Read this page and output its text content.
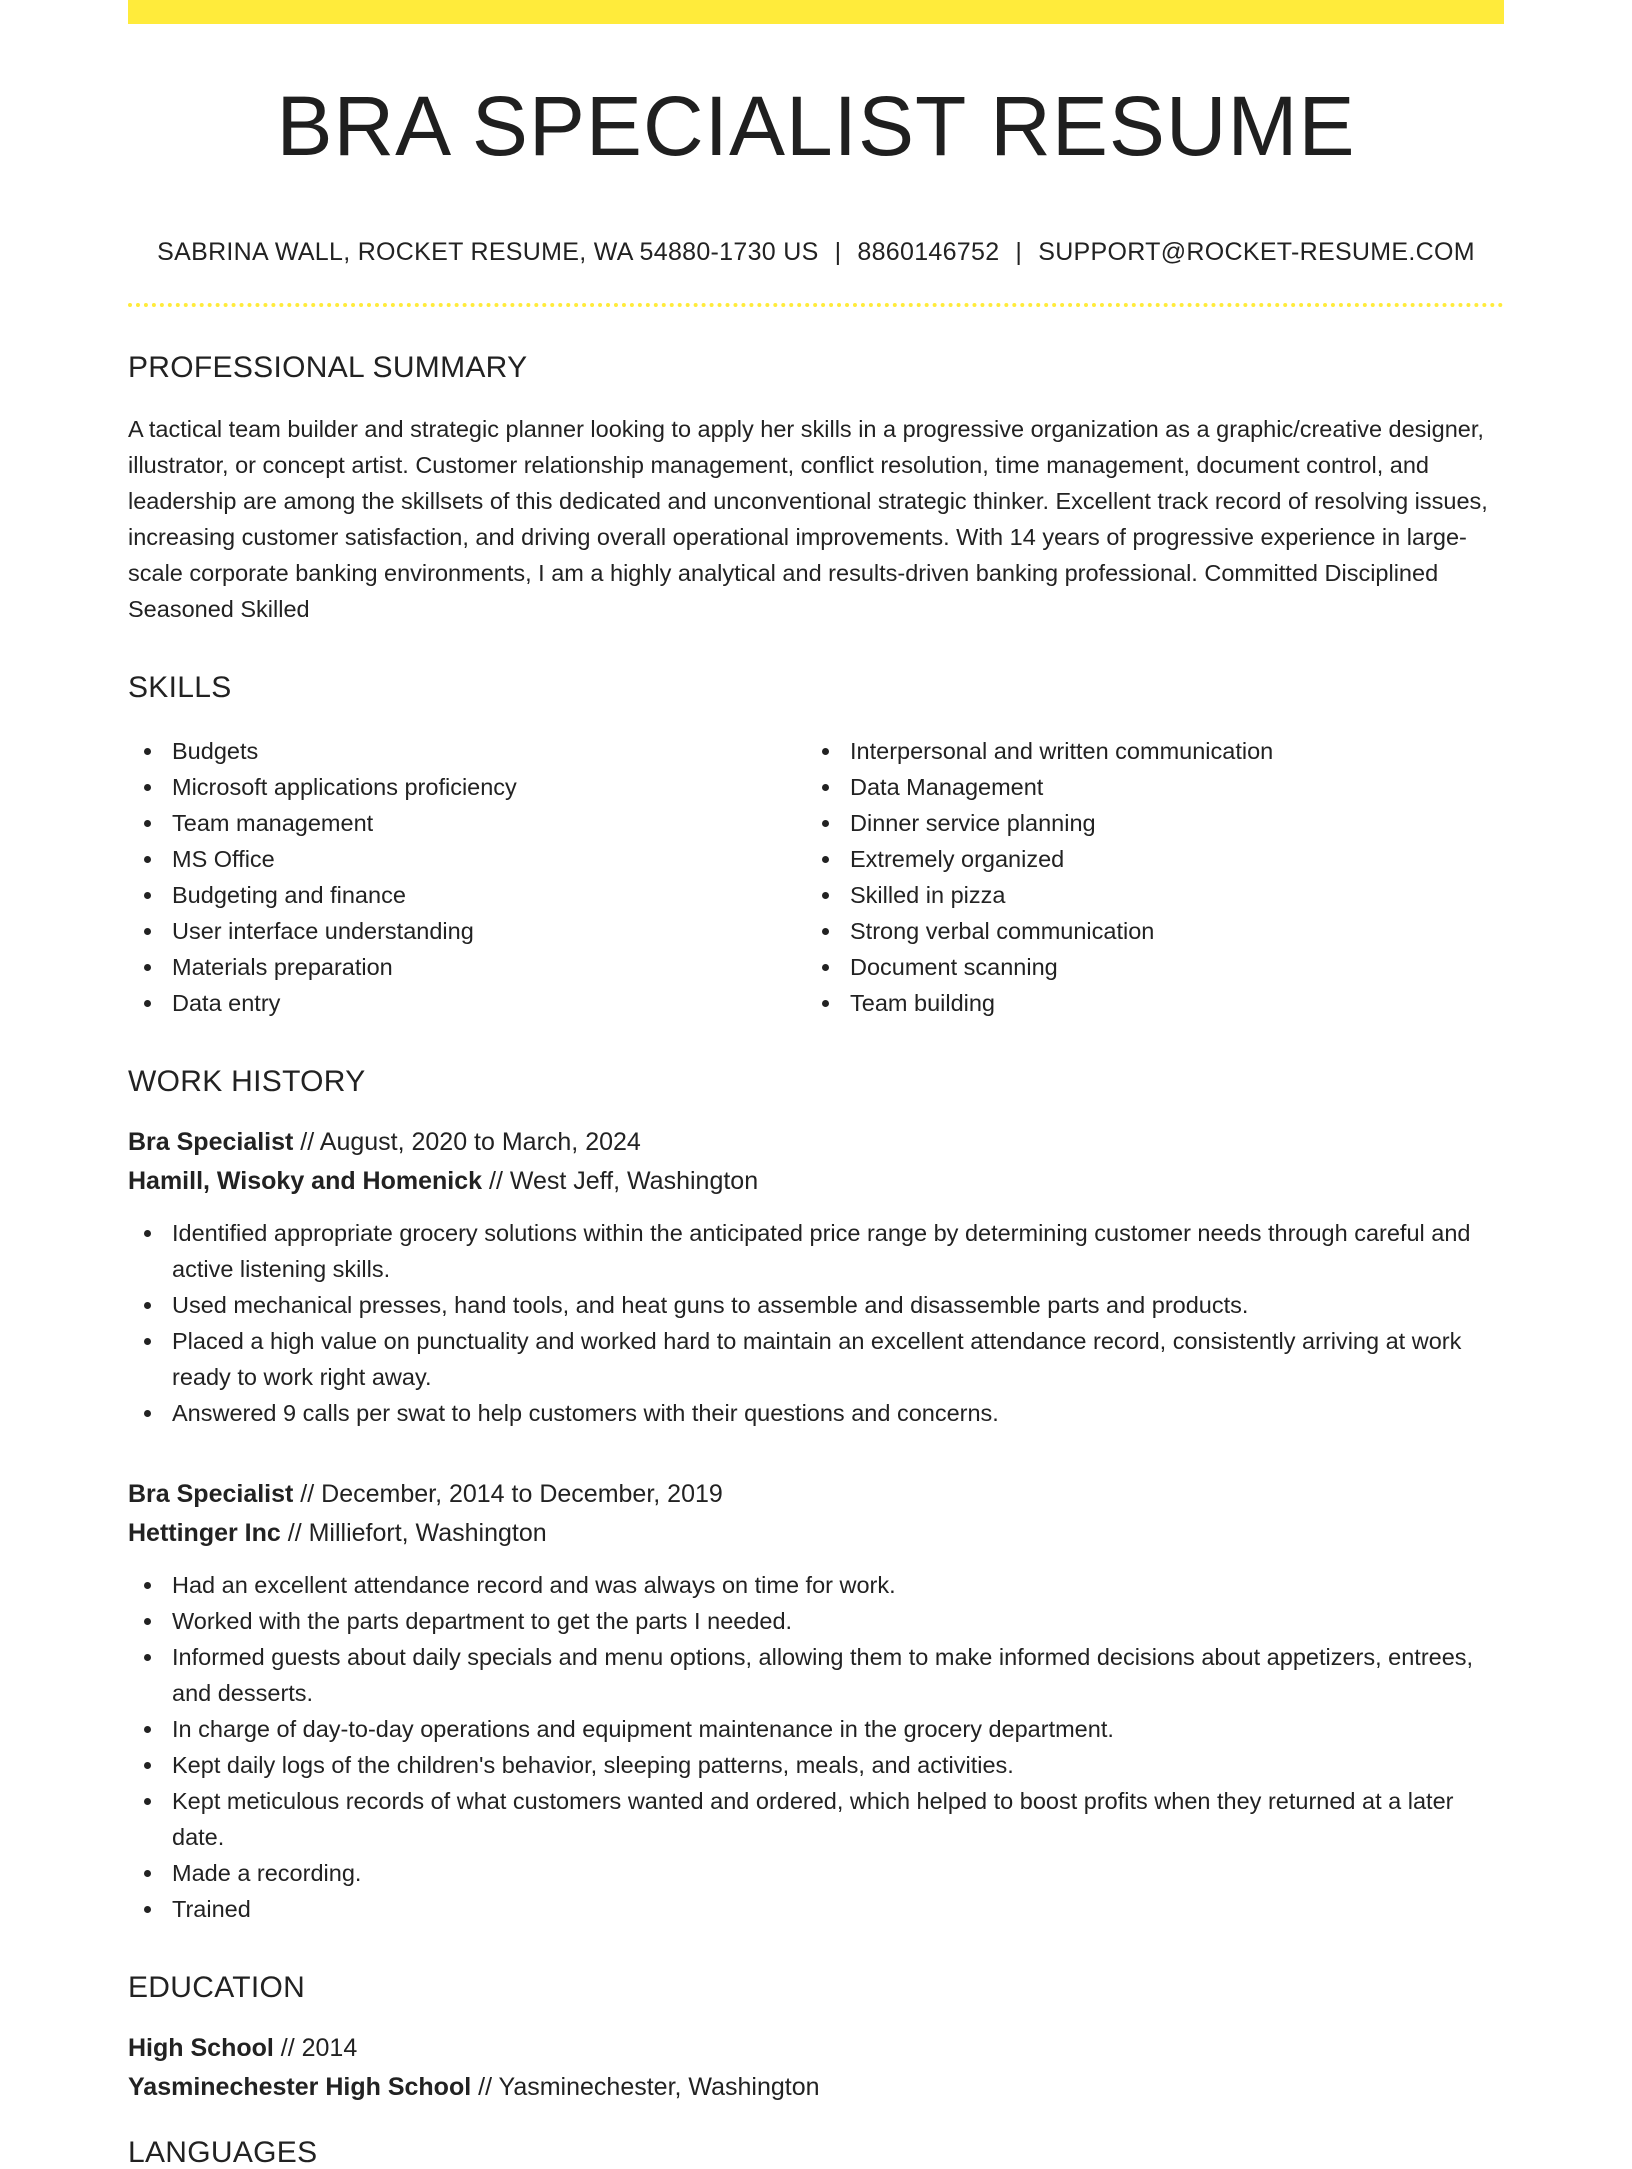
BRA SPECIALIST RESUME
SABRINA WALL, ROCKET RESUME, WA 54880-1730 US | 8860146752 | SUPPORT@ROCKET-RESUME.COM
PROFESSIONAL SUMMARY
A tactical team builder and strategic planner looking to apply her skills in a progressive organization as a graphic/creative designer, illustrator, or concept artist. Customer relationship management, conflict resolution, time management, document control, and leadership are among the skillsets of this dedicated and unconventional strategic thinker. Excellent track record of resolving issues, increasing customer satisfaction, and driving overall operational improvements. With 14 years of progressive experience in large-scale corporate banking environments, I am a highly analytical and results-driven banking professional. Committed Disciplined Seasoned Skilled
SKILLS
Budgets
Microsoft applications proficiency
Team management
MS Office
Budgeting and finance
User interface understanding
Materials preparation
Data entry
Interpersonal and written communication
Data Management
Dinner service planning
Extremely organized
Skilled in pizza
Strong verbal communication
Document scanning
Team building
WORK HISTORY
Bra Specialist // August, 2020 to March, 2024
Hamill, Wisoky and Homenick // West Jeff, Washington
Identified appropriate grocery solutions within the anticipated price range by determining customer needs through careful and active listening skills.
Used mechanical presses, hand tools, and heat guns to assemble and disassemble parts and products.
Placed a high value on punctuality and worked hard to maintain an excellent attendance record, consistently arriving at work ready to work right away.
Answered 9 calls per swat to help customers with their questions and concerns.
Bra Specialist // December, 2014 to December, 2019
Hettinger Inc // Milliefort, Washington
Had an excellent attendance record and was always on time for work.
Worked with the parts department to get the parts I needed.
Informed guests about daily specials and menu options, allowing them to make informed decisions about appetizers, entrees, and desserts.
In charge of day-to-day operations and equipment maintenance in the grocery department.
Kept daily logs of the children's behavior, sleeping patterns, meals, and activities.
Kept meticulous records of what customers wanted and ordered, which helped to boost profits when they returned at a later date.
Made a recording.
Trained
EDUCATION
High School // 2014
Yasminechester High School // Yasminechester, Washington
LANGUAGES
